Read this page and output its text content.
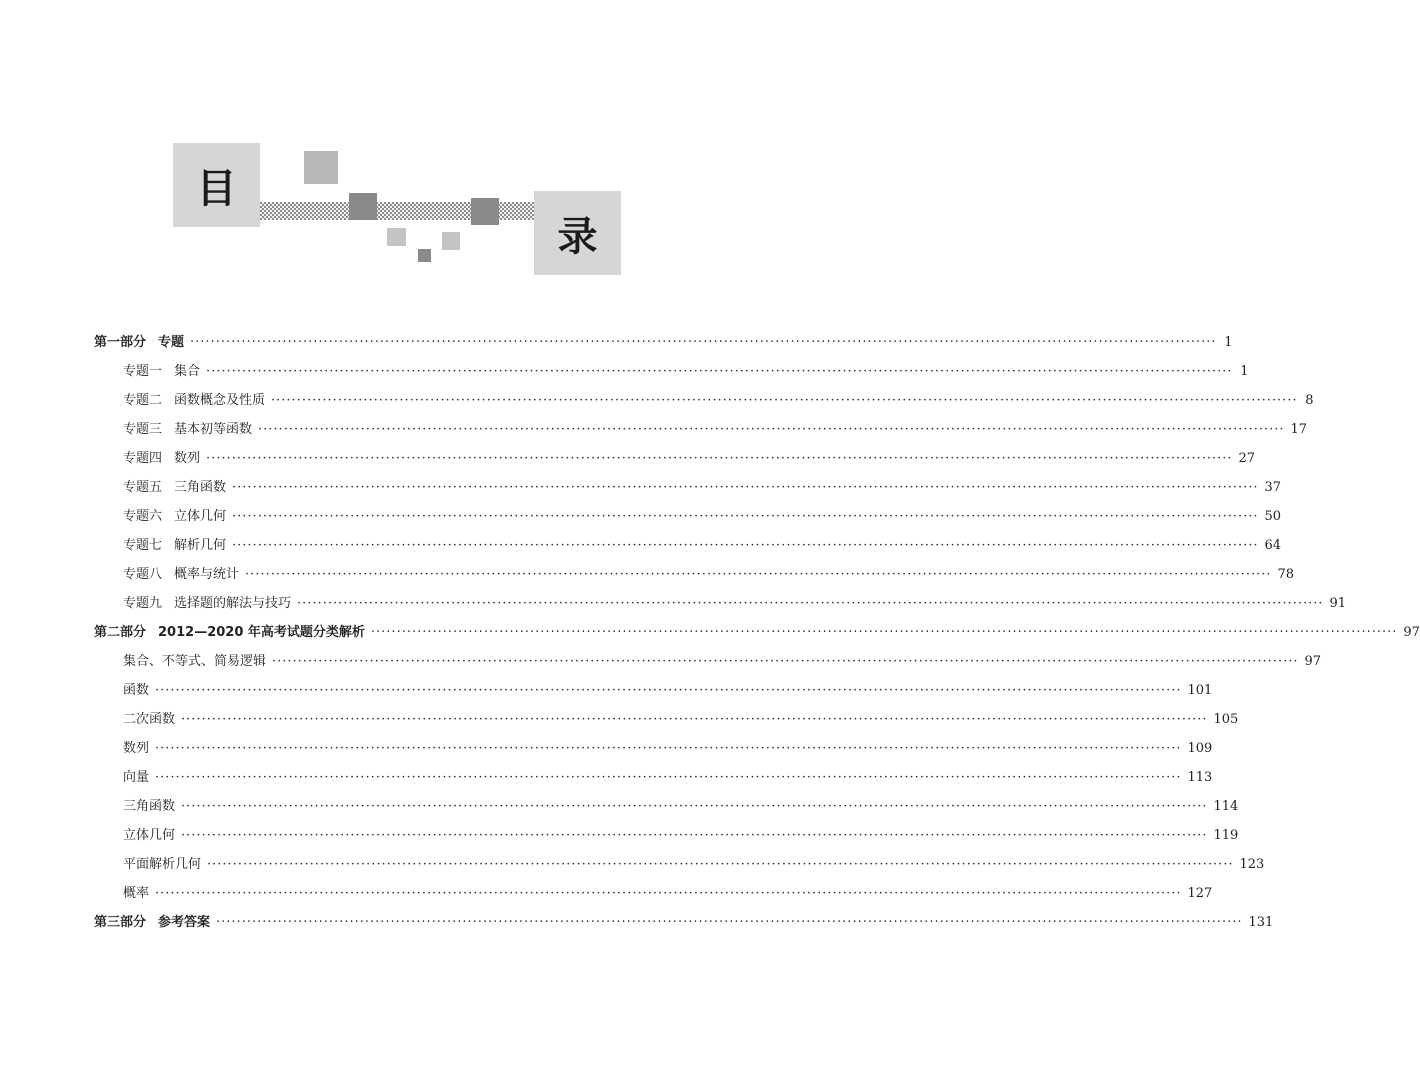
目
录
第一部分 专题 ········································································································································································································ 1
专题一 集合 ········································································································································································································ 1
专题二 函数概念及性质 ········································································································································································································ 8
专题三 基本初等函数 ········································································································································································································ 17
专题四 数列 ········································································································································································································ 27
专题五 三角函数 ········································································································································································································ 37
专题六 立体几何 ········································································································································································································ 50
专题七 解析几何 ········································································································································································································ 64
专题八 概率与统计 ········································································································································································································ 78
专题九 选择题的解法与技巧 ········································································································································································································ 91
第二部分 2012—2020 年高考试题分类解析 ········································································································································································································ 97
集合、不等式、简易逻辑 ········································································································································································································ 97
函数 ········································································································································································································ 101
二次函数 ········································································································································································································ 105
数列 ········································································································································································································ 109
向量 ········································································································································································································ 113
三角函数 ········································································································································································································ 114
立体几何 ········································································································································································································ 119
平面解析几何 ········································································································································································································ 123
概率 ········································································································································································································ 127
第三部分 参考答案 ········································································································································································································ 131
